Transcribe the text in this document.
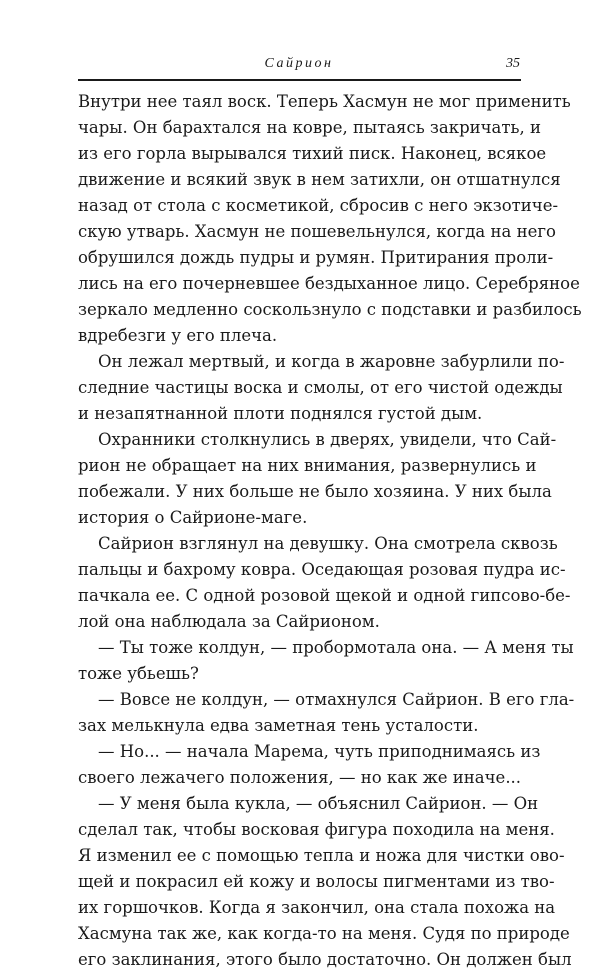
Сайрион	35
Внутри нее таял воск. Теперь Хасмун не мог применить
чары. Он барахтался на ковре, пытаясь закричать, и
из его горла вырывался тихий писк. Наконец, всякое
движение и всякий звук в нем затихли, он отшатнулся
назад от стола с косметикой, сбросив с него экзотиче-
скую утварь. Хасмун не пошевельнулся, когда на него
обрушился дождь пудры и румян. Притирания проли-
лись на его почерневшее бездыханное лицо. Серебряное
зеркало медленно соскользнуло с подставки и разбилось
вдребезги у его плеча.
Он лежал мертвый, и когда в жаровне забурлили по-
следние частицы воска и смолы, от его чистой одежды
и незапятнанной плоти поднялся густой дым.
Охранники столкнулись в дверях, увидели, что Сай-
рион не обращает на них внимания, развернулись и
побежали. У них больше не было хозяина. У них была
история о Сайрионе-маге.
Сайрион взглянул на девушку. Она смотрела сквозь
пальцы и бахрому ковра. Оседающая розовая пудра ис-
пачкала ее. С одной розовой щекой и одной гипсово-бе-
лой она наблюдала за Сайрионом.
— Ты тоже колдун, — пробормотала она. — А меня ты
тоже убьешь?
— Вовсе не колдун, — отмахнулся Сайрион. В его гла-
зах мелькнула едва заметная тень усталости.
— Но... — начала Марема, чуть приподнимаясь из
своего лежачего положения, — но как же иначе...
— У меня была кукла, — объяснил Сайрион. — Он
сделал так, чтобы восковая фигура походила на меня.
Я изменил ее с помощью тепла и ножа для чистки ово-
щей и покрасил ей кожу и волосы пигментами из тво-
их горшочков. Когда я закончил, она стала похожа на
Хасмуна так же, как когда-то на меня. Судя по природе
его заклинания, этого было достаточно. Он должен был
